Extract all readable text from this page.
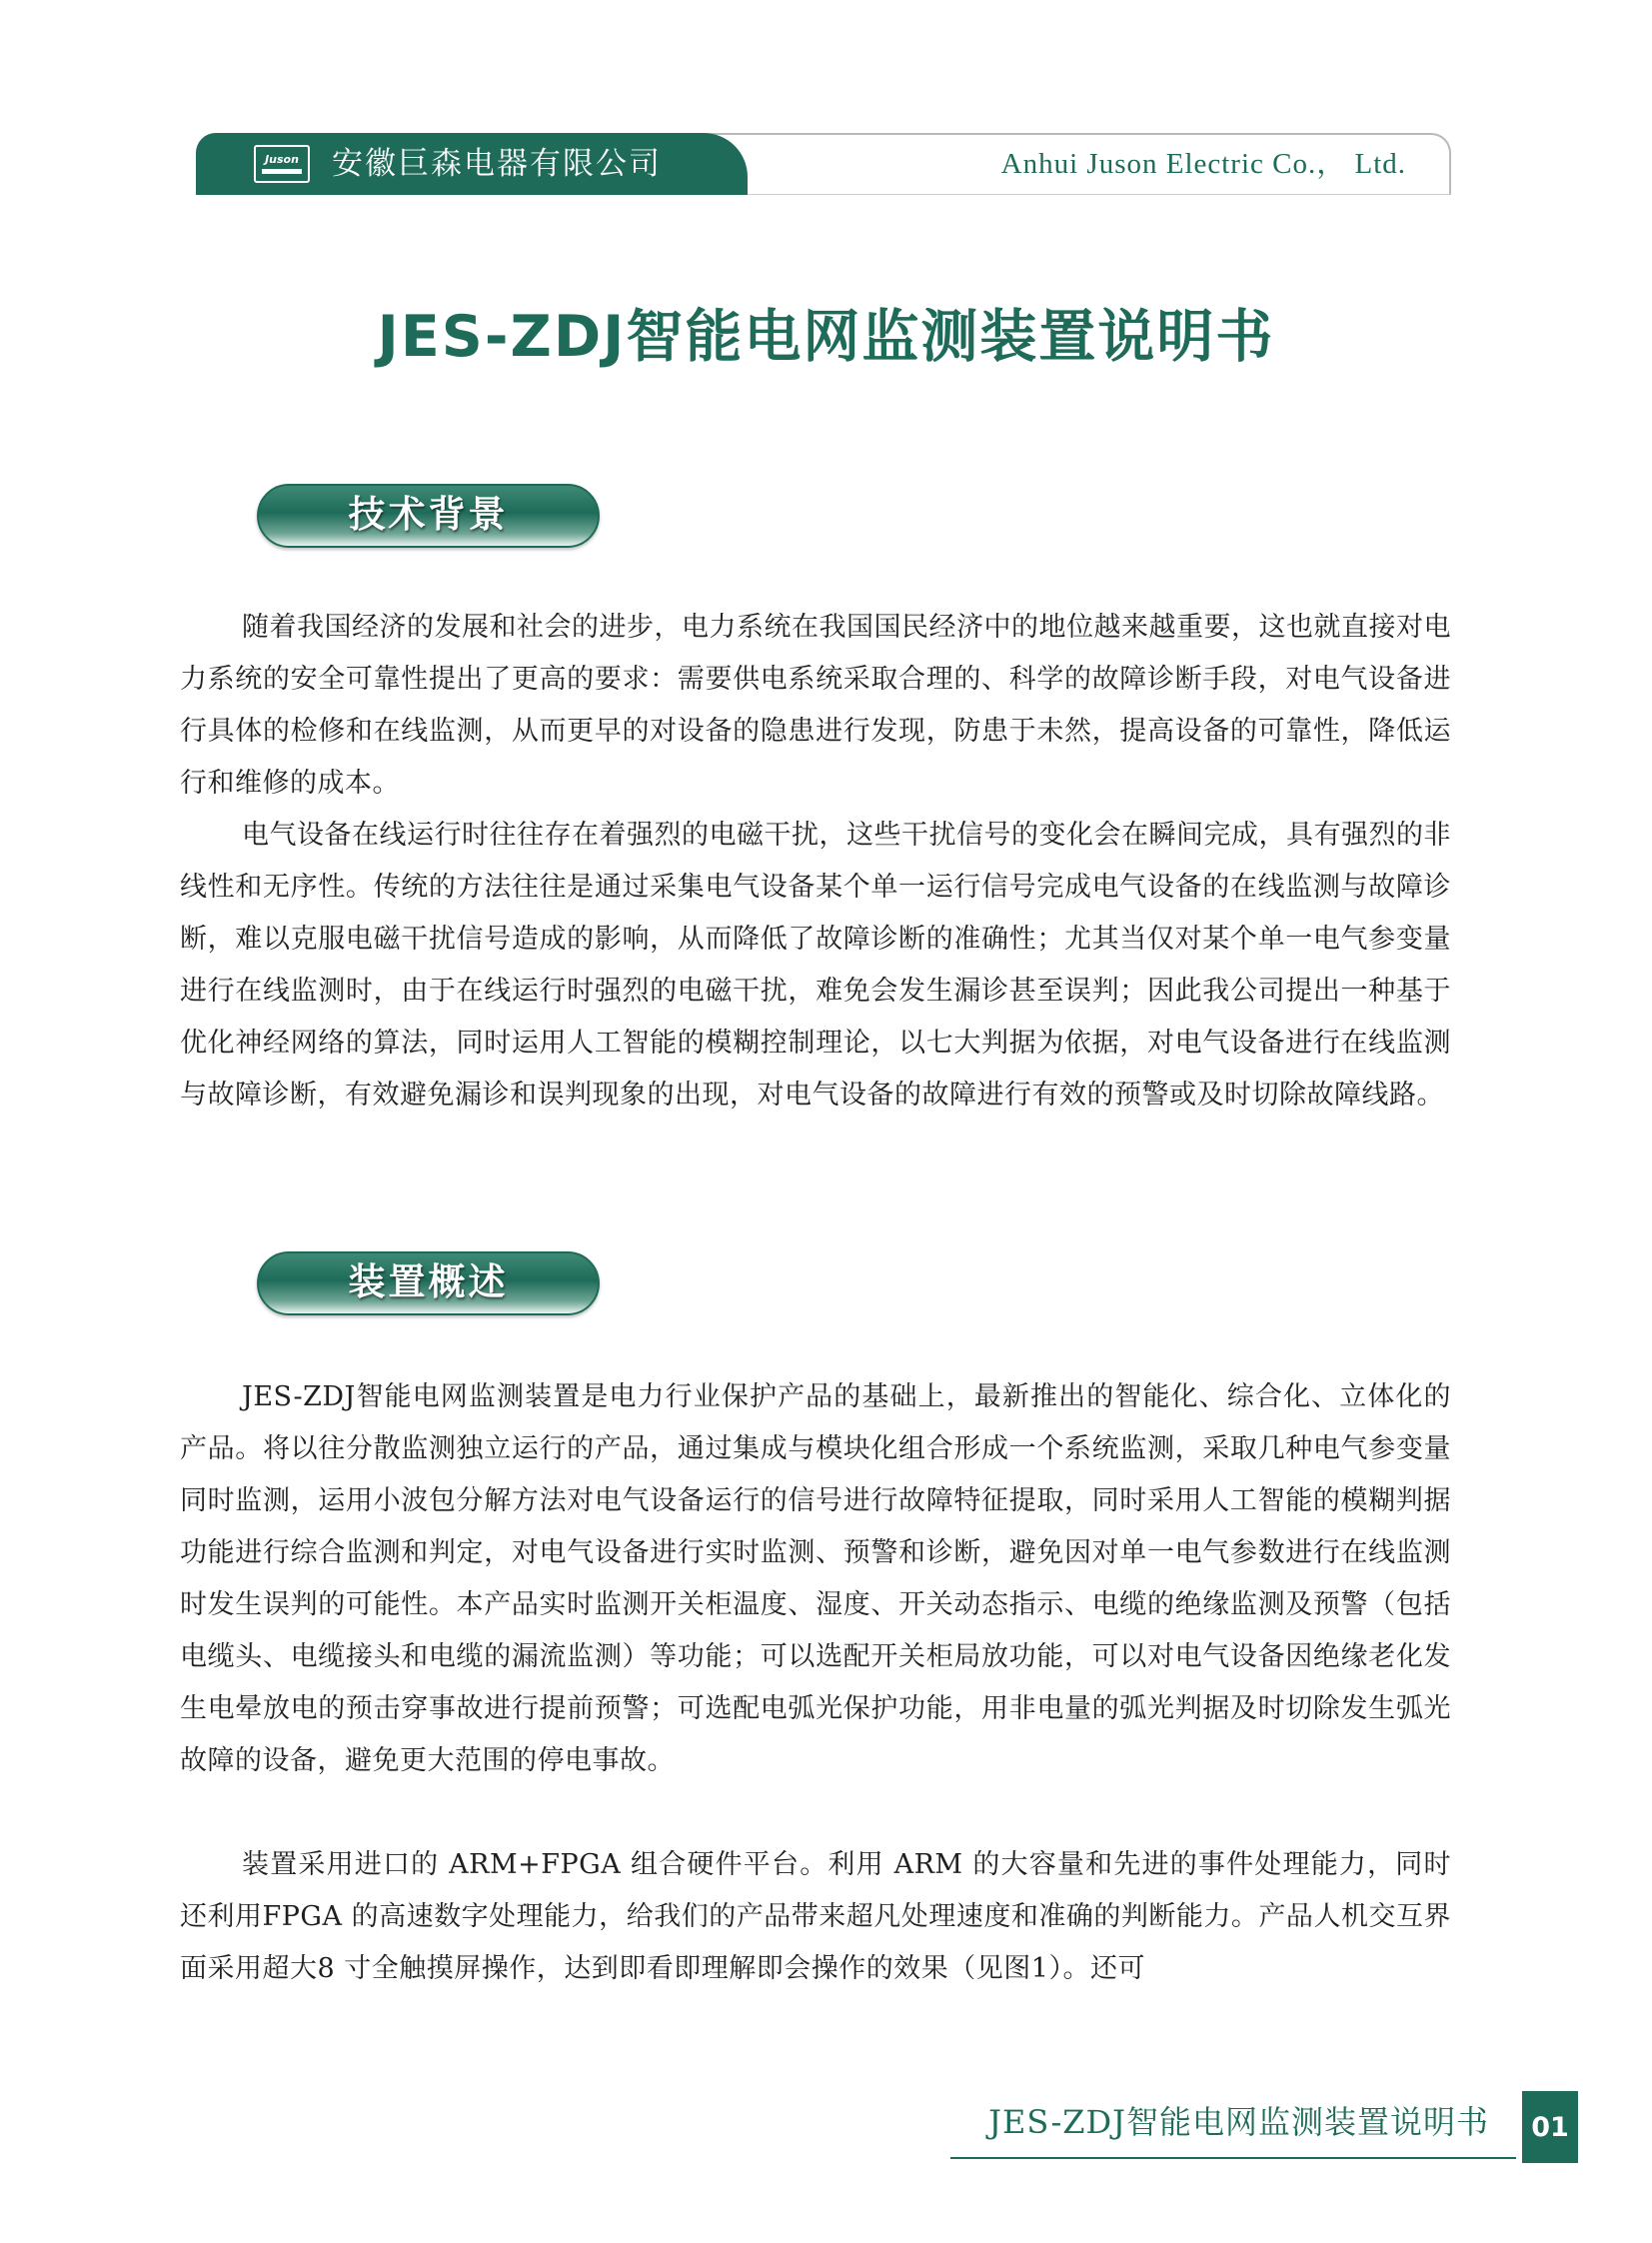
Juson 安徽巨森电器有限公司	Anhui Juson Electric Co.， Ltd.
JES-ZDJ智能电网监测装置说明书
技术背景

随着我国经济的发展和社会的进步，电力系统在我国国民经济中的地位越来越重要，这也就直接对电力系统的安全可靠性提出了更高的要求：需要供电系统采取合理的、科学的故障诊断手段，对电气设备进行具体的检修和在线监测，从而更早的对设备的隐患进行发现，防患于未然，提高设备的可靠性，降低运行和维修的成本。

电气设备在线运行时往往存在着强烈的电磁干扰，这些干扰信号的变化会在瞬间完成，具有强烈的非线性和无序性。传统的方法往往是通过采集电气设备某个单一运行信号完成电气设备的在线监测与故障诊断，难以克服电磁干扰信号造成的影响，从而降低了故障诊断的准确性；尤其当仅对某个单一电气参变量进行在线监测时，由于在线运行时强烈的电磁干扰，难免会发生漏诊甚至误判；因此我公司提出一种基于优化神经网络的算法，同时运用人工智能的模糊控制理论，以七大判据为依据，对电气设备进行在线监测与故障诊断，有效避免漏诊和误判现象的出现，对电气设备的故障进行有效的预警或及时切除故障线路。

装置概述

JES-ZDJ智能电网监测装置是电力行业保护产品的基础上，最新推出的智能化、综合化、立体化的产品。将以往分散监测独立运行的产品，通过集成与模块化组合形成一个系统监测，采取几种电气参变量同时监测，运用小波包分解方法对电气设备运行的信号进行故障特征提取，同时采用人工智能的模糊判据功能进行综合监测和判定，对电气设备进行实时监测、预警和诊断，避免因对单一电气参数进行在线监测时发生误判的可能性。本产品实时监测开关柜温度、湿度、开关动态指示、电缆的绝缘监测及预警（包括电缆头、电缆接头和电缆的漏流监测）等功能；可以选配开关柜局放功能，可以对电气设备因绝缘老化发生电晕放电的预击穿事故进行提前预警；可选配电弧光保护功能，用非电量的弧光判据及时切除发生弧光故障的设备，避免更大范围的停电事故。

装置采用进口的 ARM+FPGA 组合硬件平台。利用 ARM 的大容量和先进的事件处理能力，同时还利用FPGA 的高速数字处理能力，给我们的产品带来超凡处理速度和准确的判断能力。产品人机交互界面采用超大8 寸全触摸屏操作，达到即看即理解即会操作的效果（见图1）。还可

JES-ZDJ智能电网监测装置说明书	01
